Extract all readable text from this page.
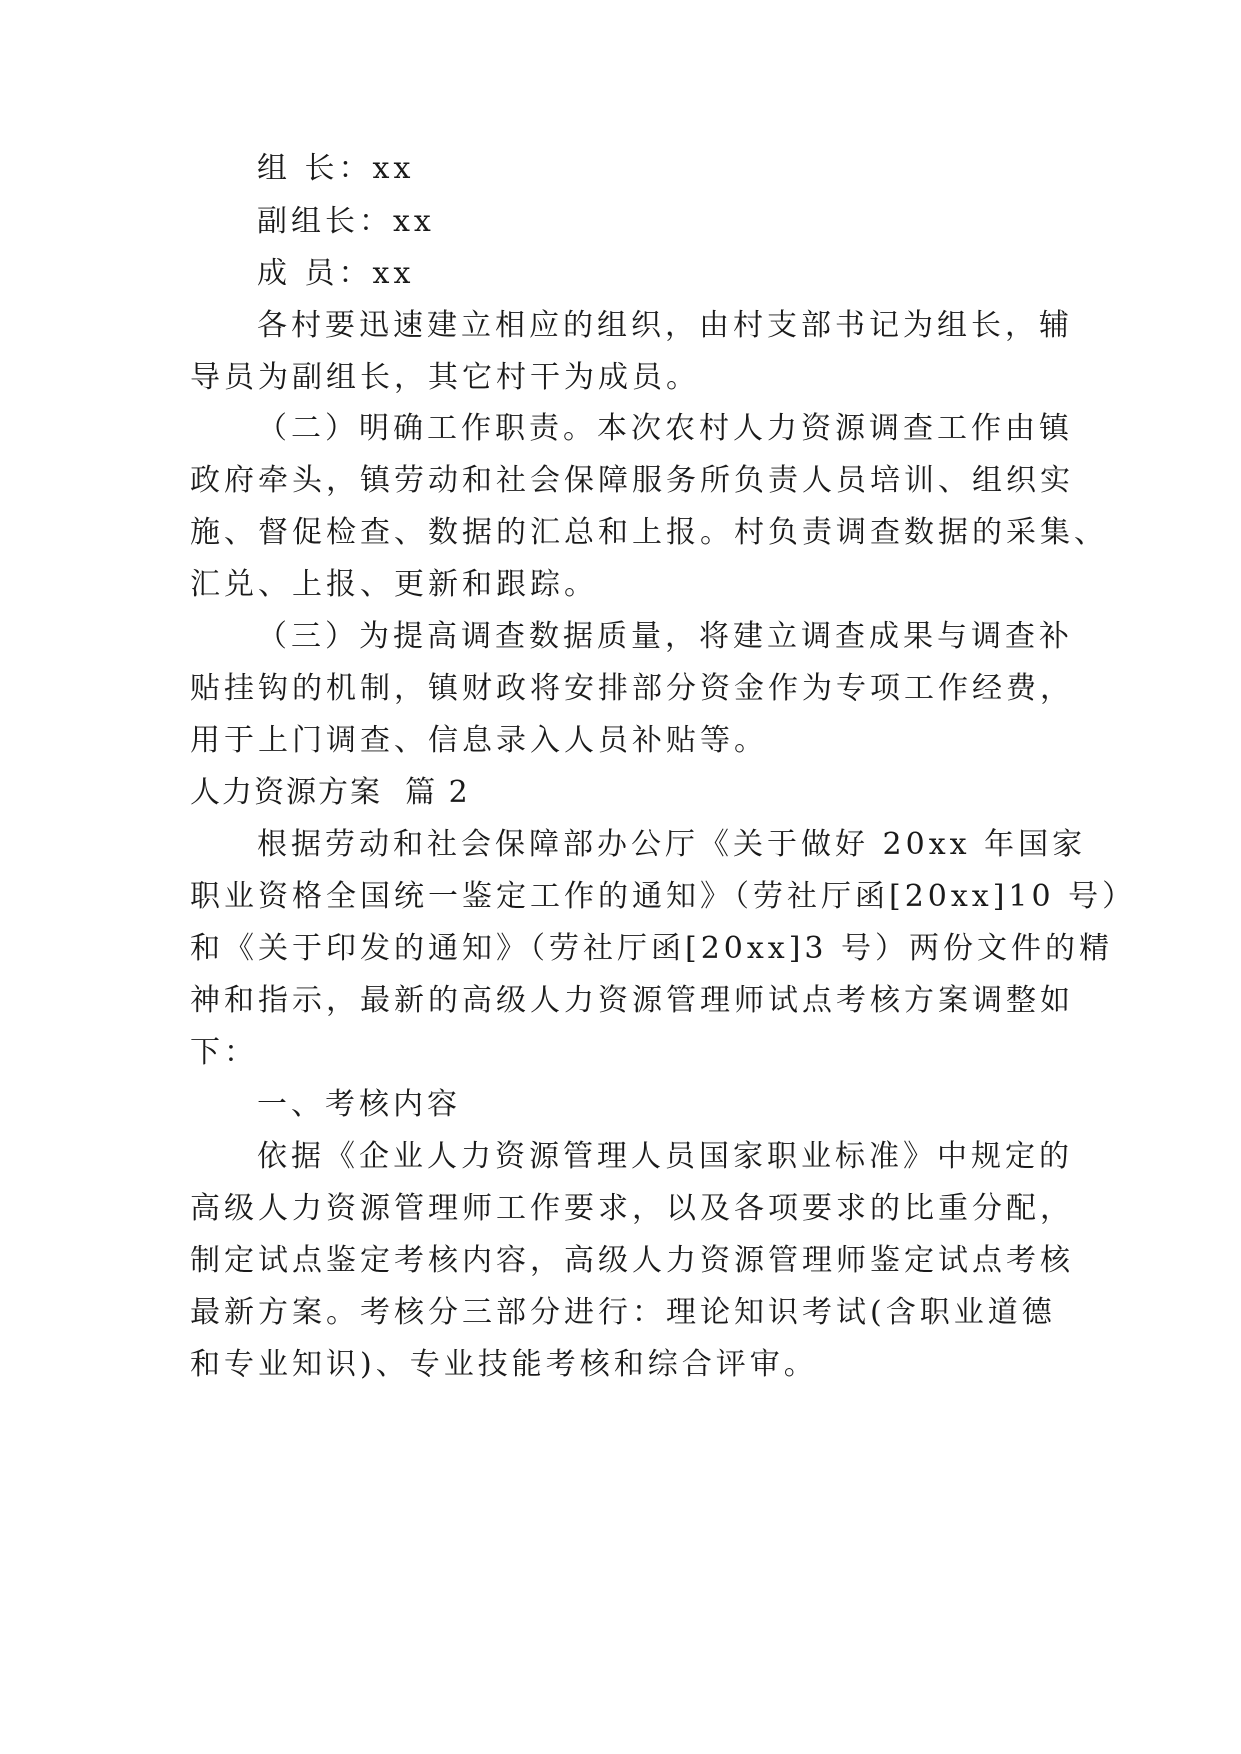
组 长：xx
副组长：xx
成 员：xx
各村要迅速建立相应的组织，由村支部书记为组长，辅
导员为副组长，其它村干为成员。
（二）明确工作职责。本次农村人力资源调查工作由镇
政府牵头，镇劳动和社会保障服务所负责人员培训、组织实
施、督促检查、数据的汇总和上报。村负责调查数据的采集、
汇兑、上报、更新和跟踪。
（三）为提高调查数据质量，将建立调查成果与调查补
贴挂钩的机制，镇财政将安排部分资金作为专项工作经费，
用于上门调查、信息录入人员补贴等。
人力资源方案  篇 2
根据劳动和社会保障部办公厅《关于做好 20xx 年国家
职业资格全国统一鉴定工作的通知》（劳社厅函[20xx]10 号）
和《关于印发的通知》（劳社厅函[20xx]3 号）两份文件的精
神和指示，最新的高级人力资源管理师试点考核方案调整如
下：
一、考核内容
依据《企业人力资源管理人员国家职业标准》中规定的
高级人力资源管理师工作要求，以及各项要求的比重分配，
制定试点鉴定考核内容，高级人力资源管理师鉴定试点考核
最新方案。考核分三部分进行：理论知识考试(含职业道德
和专业知识)、专业技能考核和综合评审。
